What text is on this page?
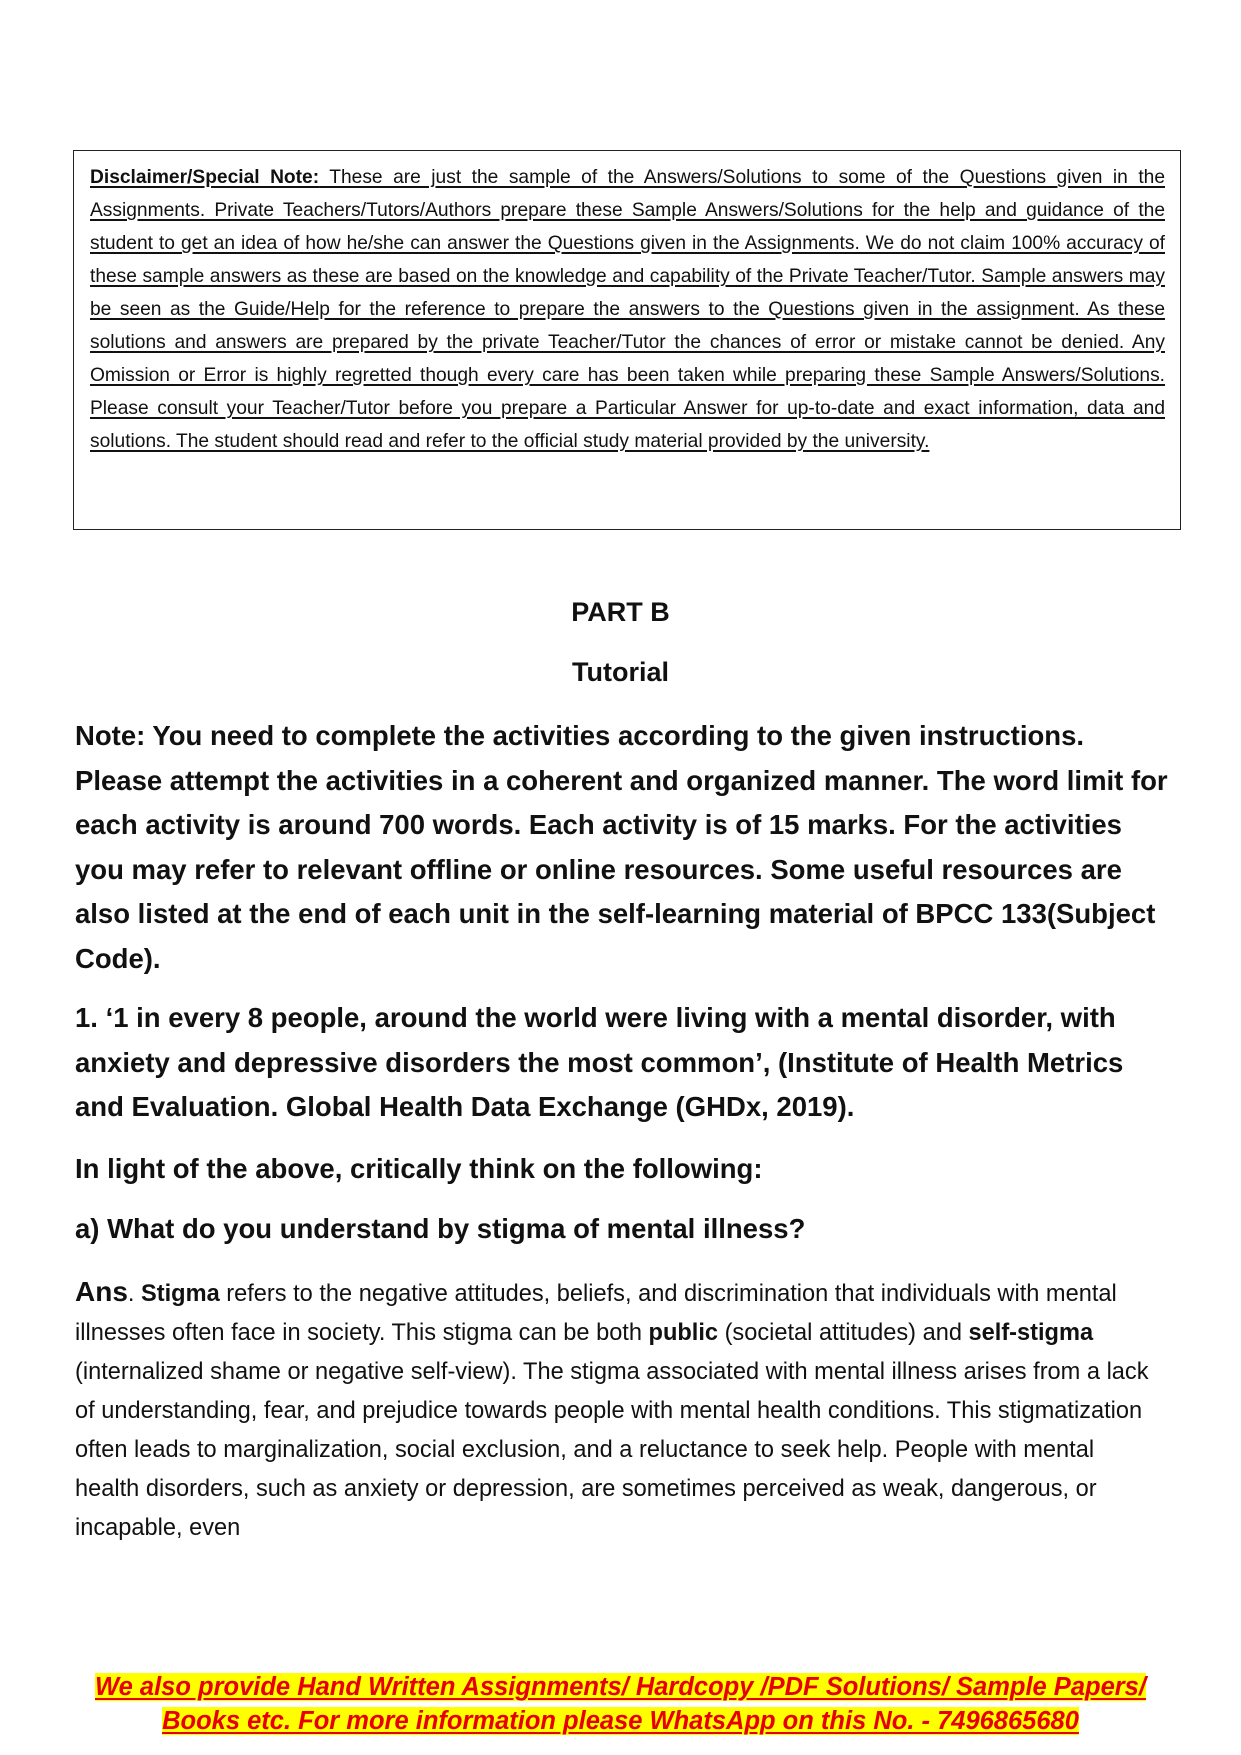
Disclaimer/Special Note: These are just the sample of the Answers/Solutions to some of the Questions given in the Assignments. Private Teachers/Tutors/Authors prepare these Sample Answers/Solutions for the help and guidance of the student to get an idea of how he/she can answer the Questions given in the Assignments. We do not claim 100% accuracy of these sample answers as these are based on the knowledge and capability of the Private Teacher/Tutor. Sample answers may be seen as the Guide/Help for the reference to prepare the answers to the Questions given in the assignment. As these solutions and answers are prepared by the private Teacher/Tutor the chances of error or mistake cannot be denied. Any Omission or Error is highly regretted though every care has been taken while preparing these Sample Answers/Solutions. Please consult your Teacher/Tutor before you prepare a Particular Answer for up-to-date and exact information, data and solutions. The student should read and refer to the official study material provided by the university.

PART B
Tutorial

Note: You need to complete the activities according to the given instructions. Please attempt the activities in a coherent and organized manner. The word limit for each activity is around 700 words. Each activity is of 15 marks. For the activities you may refer to relevant offline or online resources. Some useful resources are also listed at the end of each unit in the self-learning material of BPCC 133(Subject Code).

1. ‘1 in every 8 people, around the world were living with a mental disorder, with anxiety and depressive disorders the most common’, (Institute of Health Metrics and Evaluation. Global Health Data Exchange (GHDx, 2019).

In light of the above, critically think on the following:

a) What do you understand by stigma of mental illness?

Ans. Stigma refers to the negative attitudes, beliefs, and discrimination that individuals with mental illnesses often face in society. This stigma can be both public (societal attitudes) and self-stigma (internalized shame or negative self-view). The stigma associated with mental illness arises from a lack of understanding, fear, and prejudice towards people with mental health conditions. This stigmatization often leads to marginalization, social exclusion, and a reluctance to seek help. People with mental health disorders, such as anxiety or depression, are sometimes perceived as weak, dangerous, or incapable, even

We also provide Hand Written Assignments/ Hardcopy /PDF Solutions/ Sample Papers/
Books etc. For more information please WhatsApp on this No. - 7496865680
